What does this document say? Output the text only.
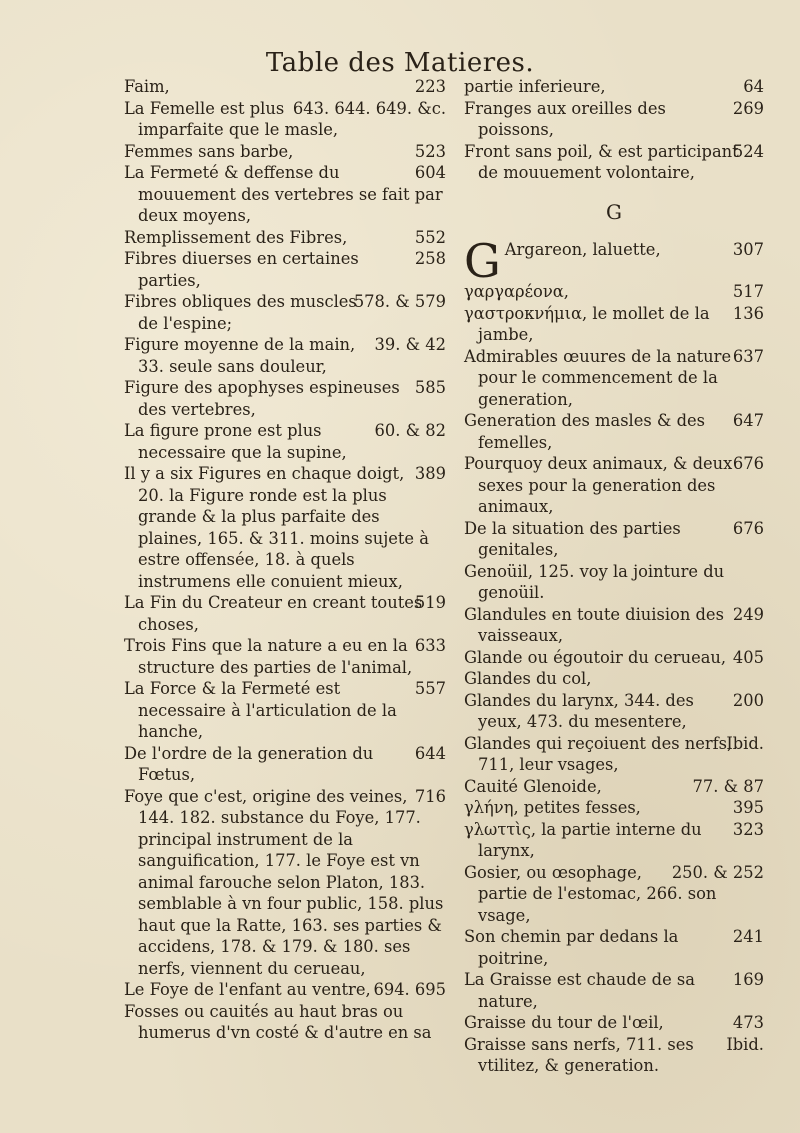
Table des Matieres.

223
Faim,

643. 644. 649. &c.
La Femelle est plus imparfaite que le masle,

523
Femmes sans barbe,

604
La Fermeté & deffense du mouuement des vertebres se fait par deux moyens,

552
Remplissement des Fibres,

258
Fibres diuerses en certaines parties,

578. & 579
Fibres obliques des muscles de l'espine;

39. & 42
Figure moyenne de la main, 33. seule sans douleur,

585
Figure des apophyses espineuses des vertebres,

60. & 82
La figure prone est plus necessaire que la supine,

389
Il y a six Figures en chaque doigt, 20. la Figure ronde est la plus grande & la plus parfaite des plaines, 165. & 311. moins sujete à estre offensée, 18. à quels instrumens elle conuient mieux,

519
La Fin du Createur en creant toutes choses,

633
Trois Fins que la nature a eu en la structure des parties de l'animal,

557
La Force & la Fermeté est necessaire à l'articulation de la hanche,

644
De l'ordre de la generation du Fœtus,

716
Foye que c'est, origine des veines, 144. 182. substance du Foye, 177. principal instrument de la sanguification, 177. le Foye est vn animal farouche selon Platon, 183. semblable à vn four public, 158. plus haut que la Ratte, 163. ses parties & accidens, 178. & 179. & 180. ses nerfs, viennent du cerueau,

694. 695
Le Foye de l'enfant au ventre,

Fosses ou cauités au haut bras ou humerus d'vn costé & d'autre en sa

64
partie inferieure,

269
Franges aux oreilles des poissons,

524
Front sans poil, & est participant de mouuement volontaire,

G

G	307
Argareon, laluette,

517
γαργαρέονα,

136
γαστροκνήμια, le mollet de la jambe,

637
Admirables œuures de la nature pour le commencement de la generation,

647
Generation des masles & des femelles,

676
Pourquoy deux animaux, & deux sexes pour la generation des animaux,

676
De la situation des parties genitales,

Genoüil, 125. voy la jointure du genoüil.

249
Glandules en toute diuision des vaisseaux,

405
Glande ou égoutoir du cerueau,

Glandes du col,

200
Glandes du larynx, 344. des yeux, 473. du mesentere,

Ibid.
Glandes qui reçoiuent des nerfs, 711, leur vsages,

77. & 87
Cauité Glenoide,

395
γλήνη, petites fesses,

323
γλωττὶς, la partie interne du larynx,

250. & 252
Gosier, ou œsophage, partie de l'estomac, 266. son vsage,

241
Son chemin par dedans la poitrine,

169
La Graisse est chaude de sa nature,

473
Graisse du tour de l'œil,

Ibid.
Graisse sans nerfs, 711. ses vtilitez, & generation.
